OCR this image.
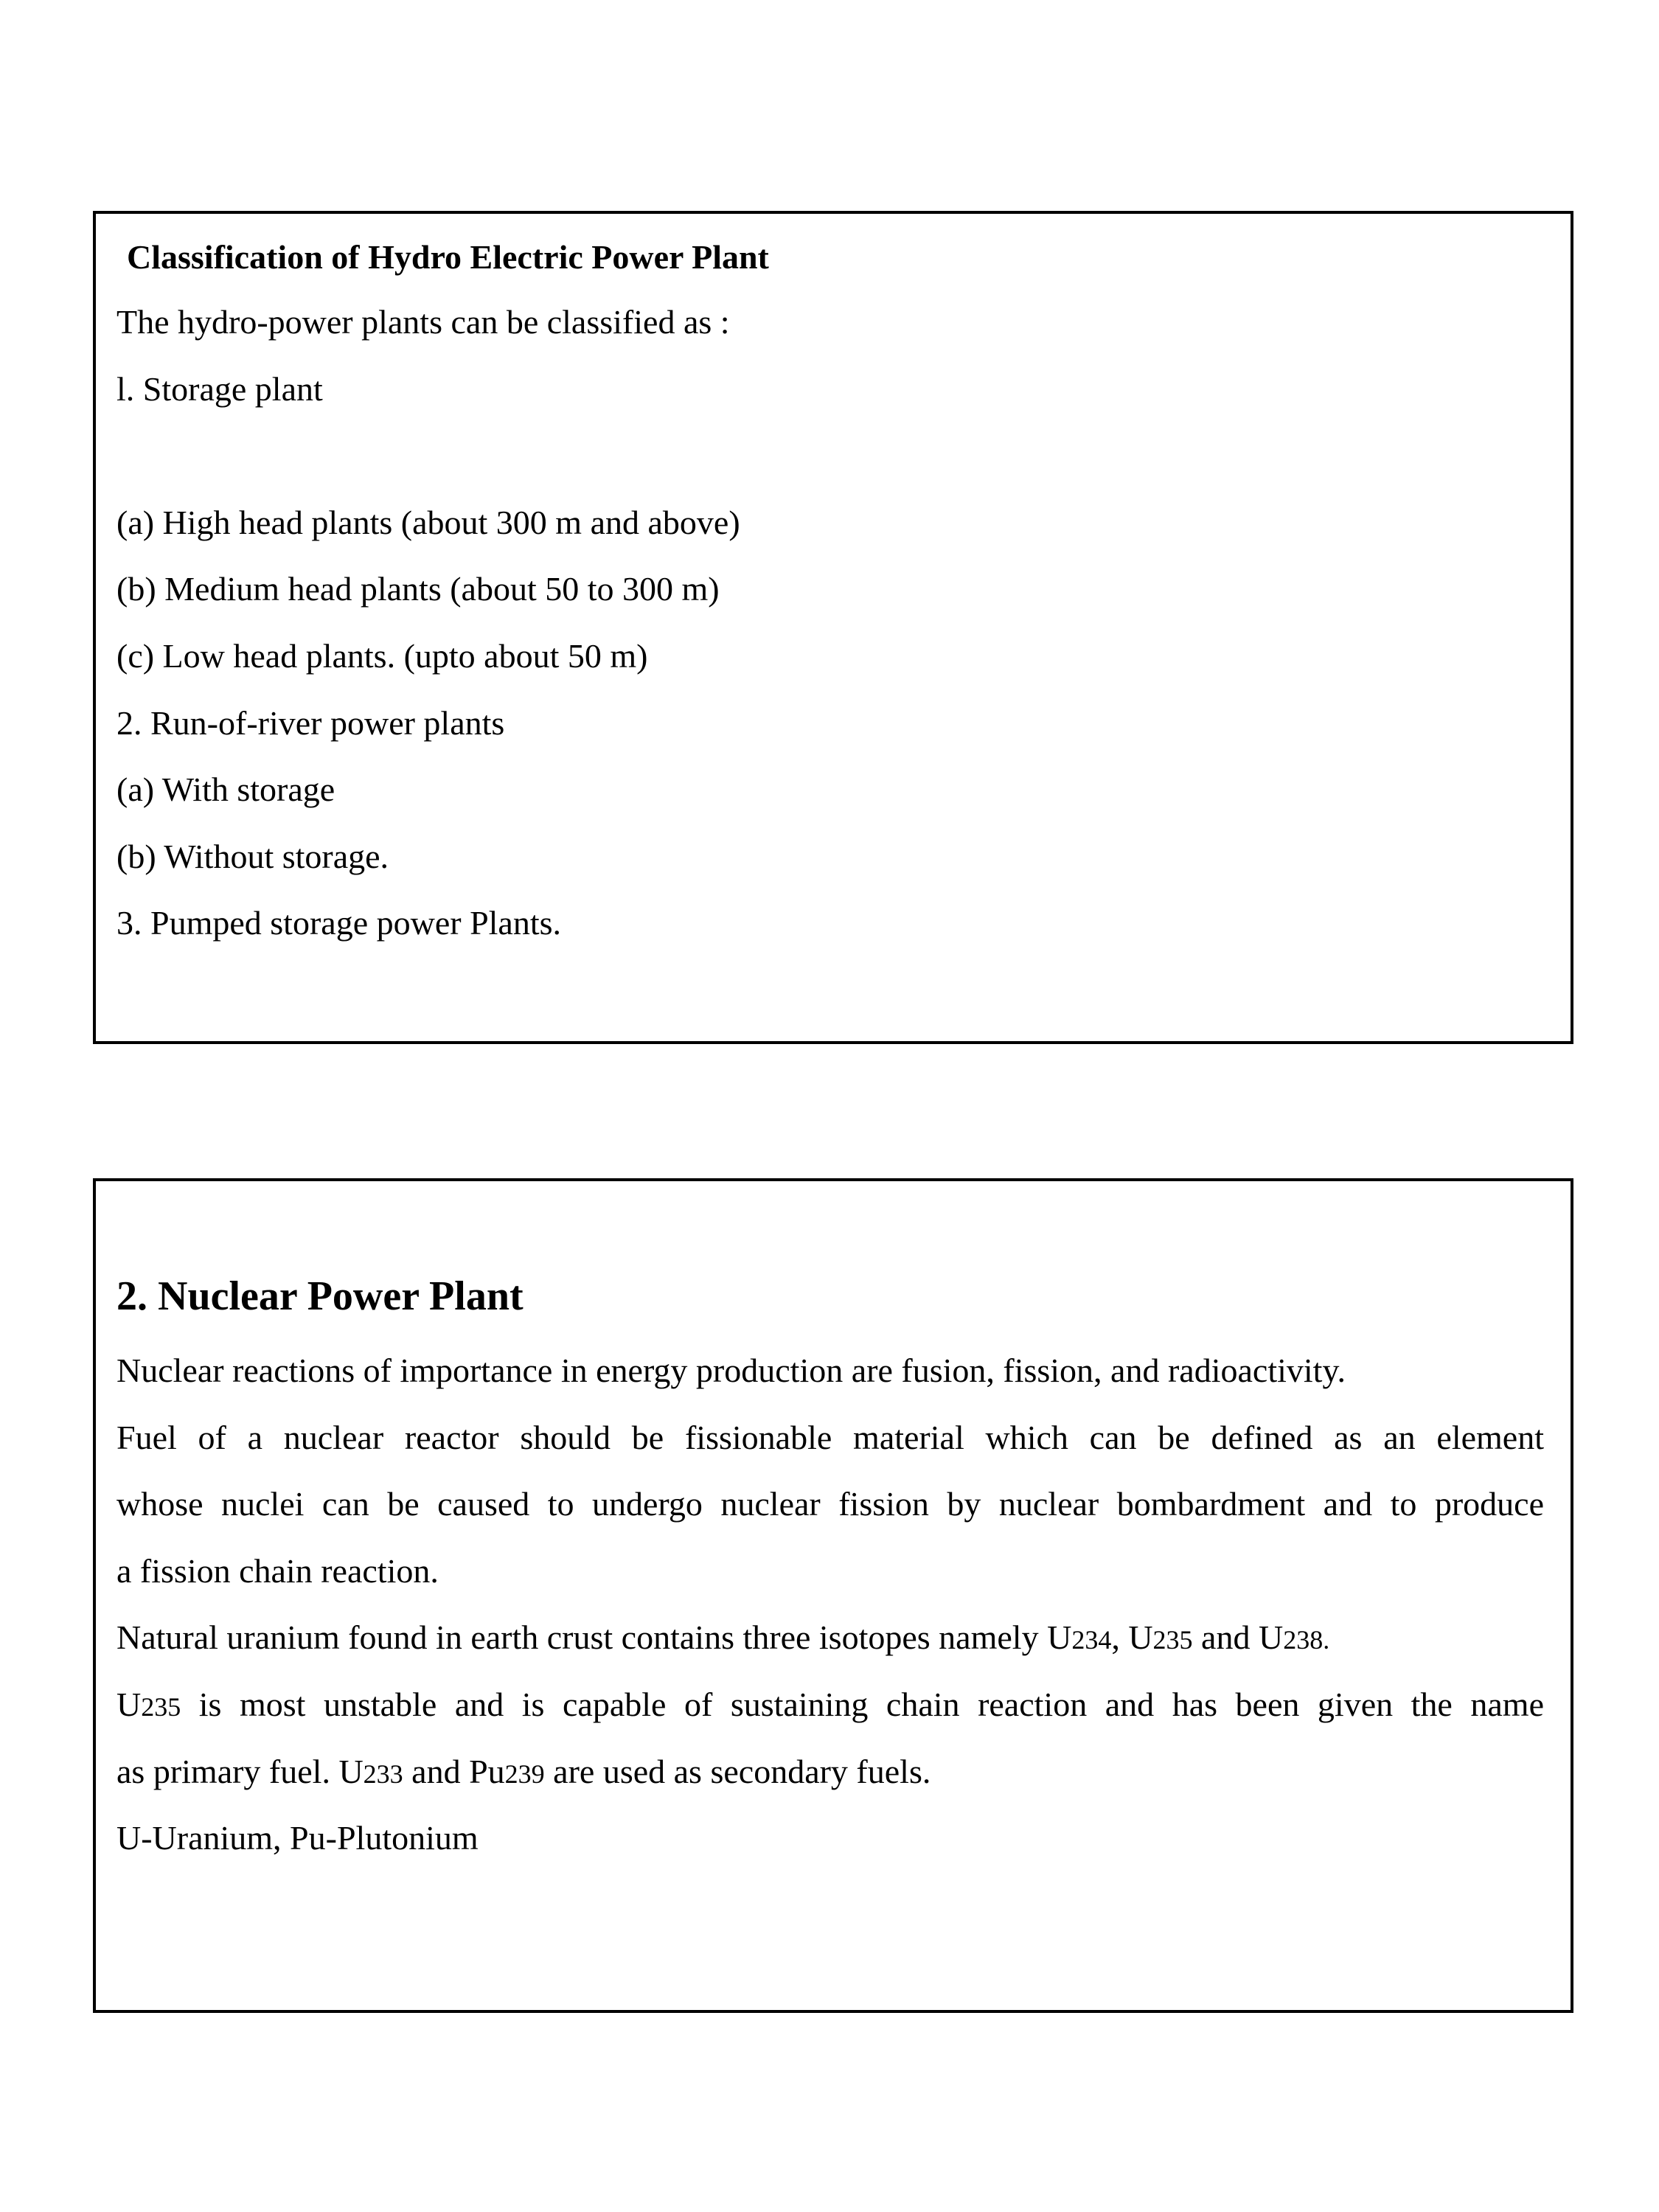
Classification of Hydro Electric Power Plant
The hydro-power plants can be classified as :
l. Storage plant
(a) High head plants (about 300 m and above)
(b) Medium head plants (about 50 to 300 m)
(c) Low head plants. (upto about 50 m)
2. Run-of-river power plants
(a) With storage
(b) Without storage.
3. Pumped storage power Plants.
2. Nuclear Power Plant
Nuclear reactions of importance in energy production are fusion, fission, and radioactivity.
Fuel of a nuclear reactor should be fissionable material which can be defined as an element
whose nuclei can be caused to undergo nuclear fission by nuclear bombardment and to produce
a fission chain reaction.
Natural uranium found in earth crust contains three isotopes namely U234, U235 and U238.
U235 is most unstable and is capable of sustaining chain reaction and has been given the name
as primary fuel. U233 and Pu239 are used as secondary fuels.
U-Uranium, Pu-Plutonium
